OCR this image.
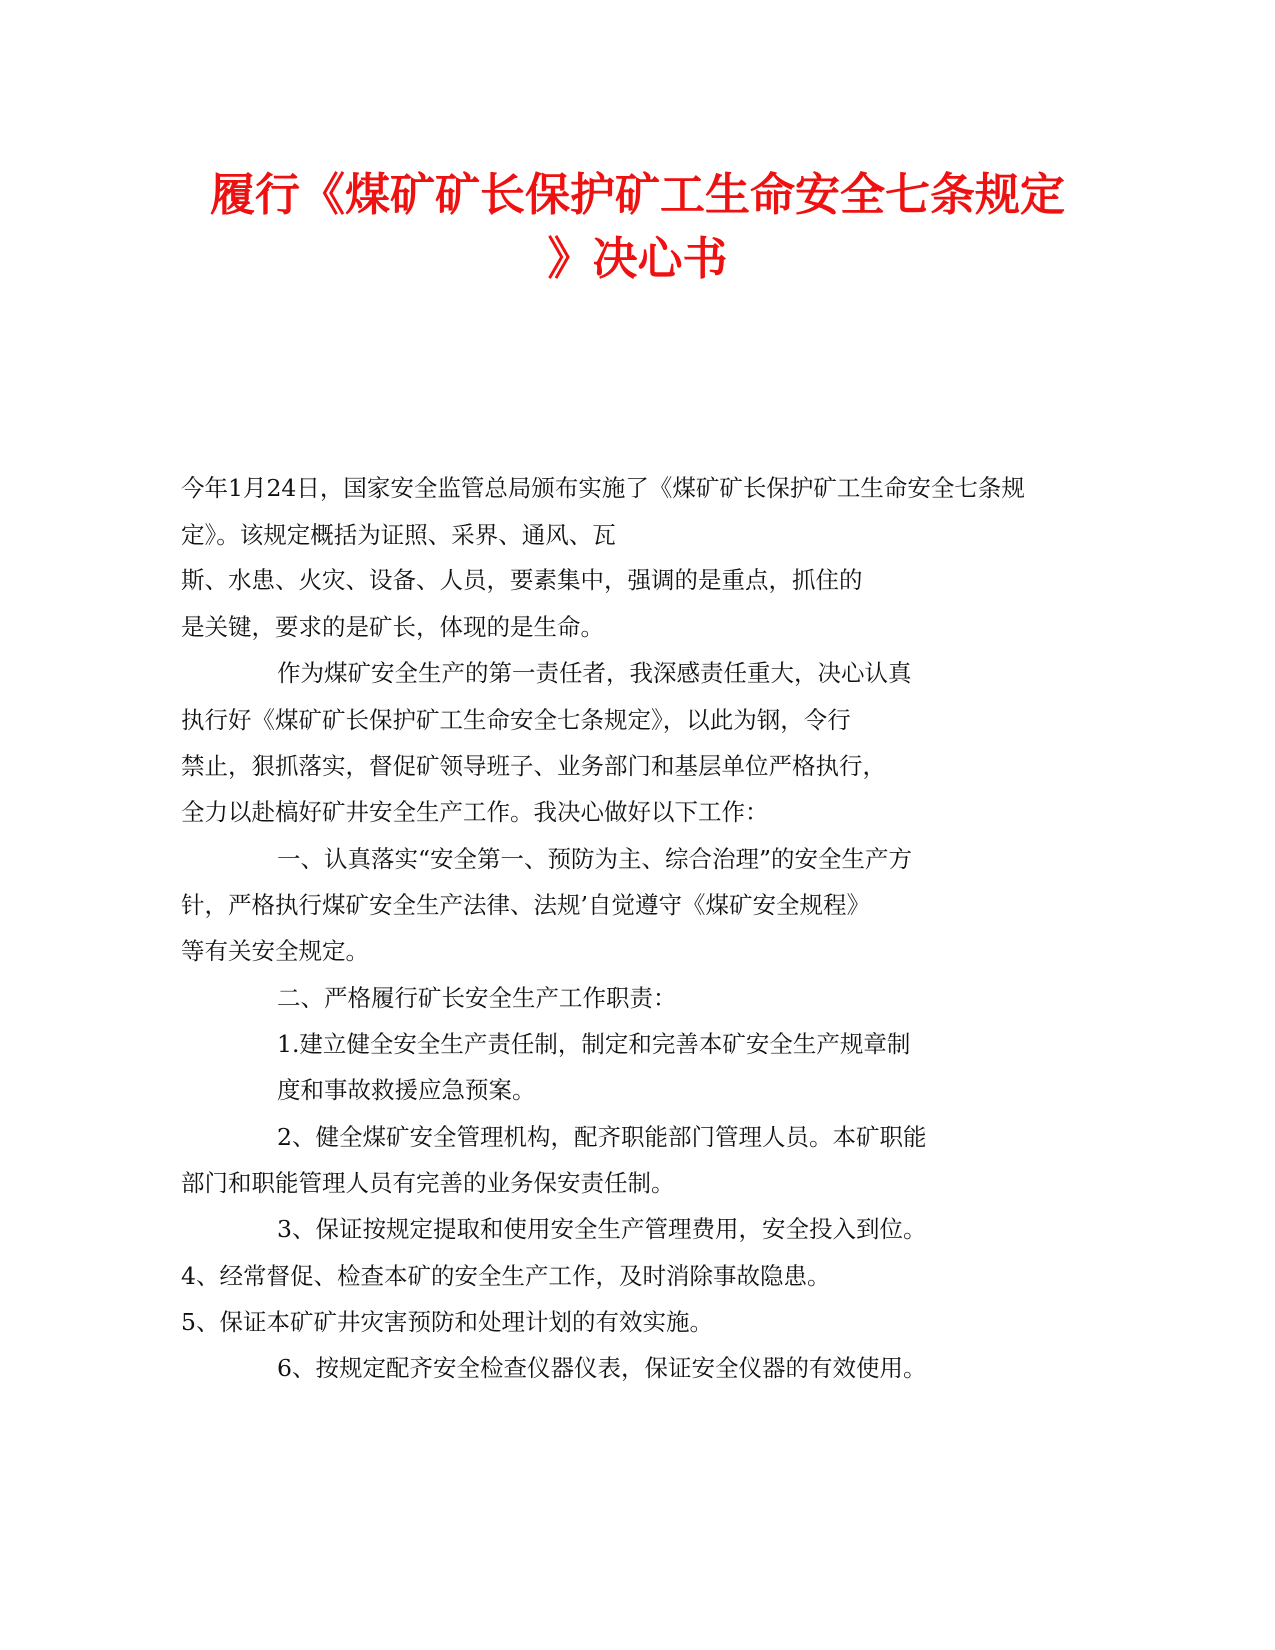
履行《煤矿矿长保护矿工生命安全七条规定
》决心书
今年1月24日，国家安全监管总局颁布实施了《煤矿矿长保护矿工生命安全七条规
定》。该规定概括为证照、采界、通风、瓦
斯、水患、火灾、设备、人员，要素集中，强调的是重点，抓住的
是关键，要求的是矿长，体现的是生命。
作为煤矿安全生产的第一责任者，我深感责任重大，决心认真
执行好《煤矿矿长保护矿工生命安全七条规定》，以此为钢，令行
禁止，狠抓落实，督促矿领导班子、业务部门和基层单位严格执行，
全力以赴槁好矿井安全生产工作。我决心做好以下工作：
一、认真落实“安全第一、预防为主、综合治理”的安全生产方
针，严格执行煤矿安全生产法律、法规’自觉遵守《煤矿安全规程》
等有关安全规定。
二、严格履行矿长安全生产工作职责：
1.建立健全安全生产责任制，制定和完善本矿安全生产规章制
度和事故救援应急预案。
2、健全煤矿安全管理机构，配齐职能部门管理人员。本矿职能
部门和职能管理人员有完善的业务保安责任制。
3、保证按规定提取和使用安全生产管理费用，安全投入到位。
4、经常督促、检查本矿的安全生产工作，及时消除事故隐患。
5、保证本矿矿井灾害预防和处理计划的有效实施。
6、按规定配齐安全检查仪器仪表，保证安全仪器的有效使用。
